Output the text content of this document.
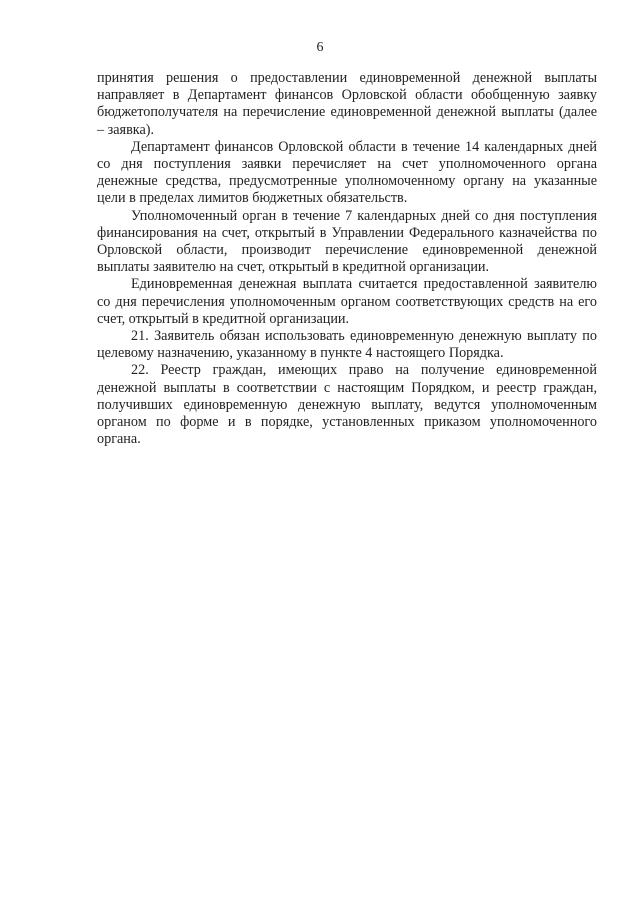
6

принятия решения о предоставлении единовременной денежной выплаты направляет в Департамент финансов Орловской области обобщенную заявку бюджетополучателя на перечисление единовременной денежной выплаты (далее – заявка).

Департамент финансов Орловской области в течение 14 календарных дней со дня поступления заявки перечисляет на счет уполномоченного органа денежные средства, предусмотренные уполномоченному органу на указанные цели в пределах лимитов бюджетных обязательств.

Уполномоченный орган в течение 7 календарных дней со дня поступления финансирования на счет, открытый в Управлении Федерального казначейства по Орловской области, производит перечисление единовременной денежной выплаты заявителю на счет, открытый в кредитной организации.

Единовременная денежная выплата считается предоставленной заявителю со дня перечисления уполномоченным органом соответствующих средств на его счет, открытый в кредитной организации.

21. Заявитель обязан использовать единовременную денежную выплату по целевому назначению, указанному в пункте 4 настоящего Порядка.

22. Реестр граждан, имеющих право на получение единовременной денежной выплаты в соответствии с настоящим Порядком, и реестр граждан, получивших единовременную денежную выплату, ведутся уполномоченным органом по форме и в порядке, установленных приказом уполномоченного органа.
